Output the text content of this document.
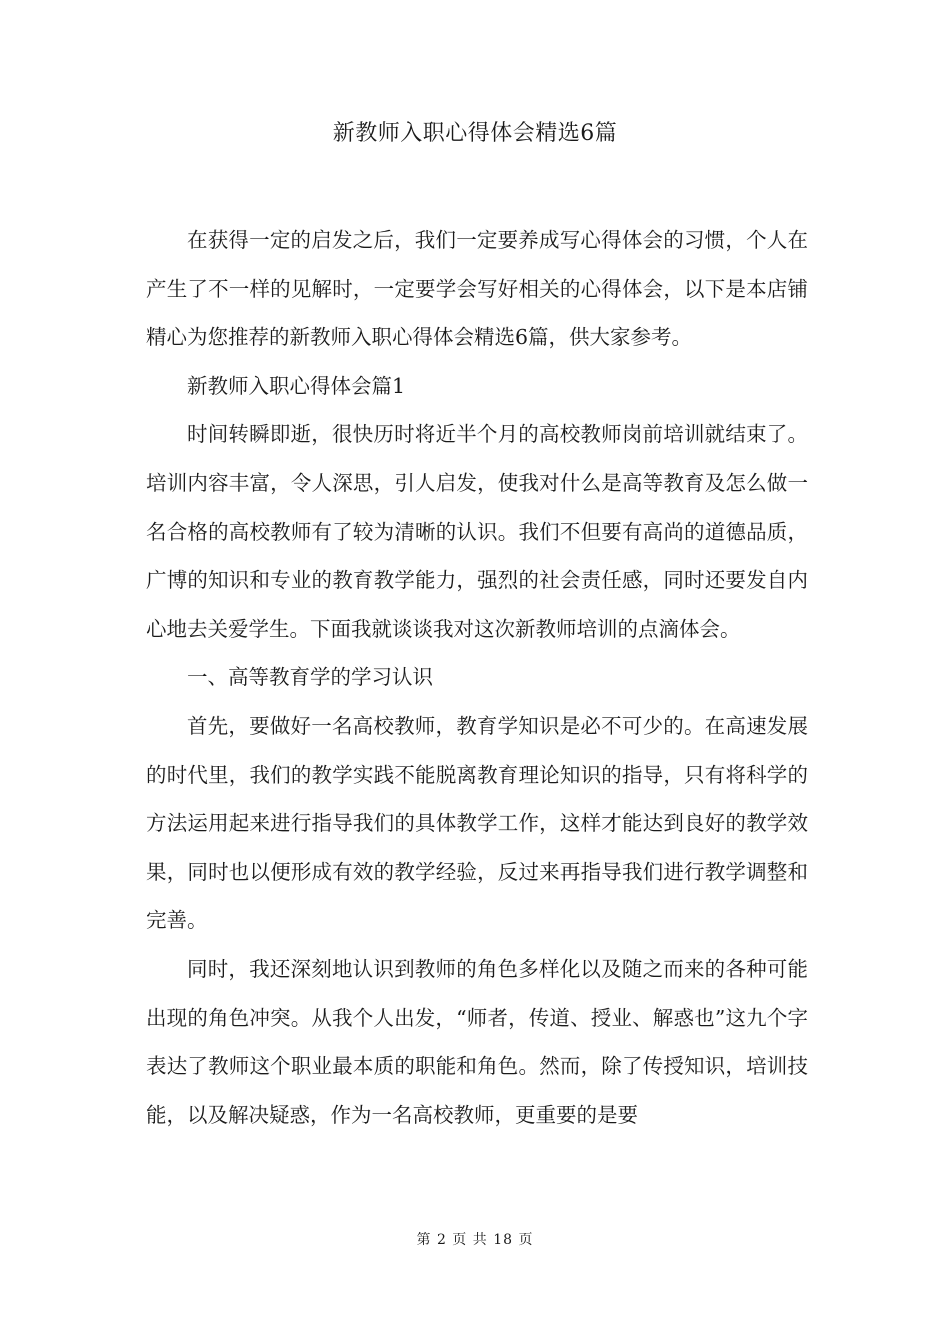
新教师入职心得体会精选6篇

在获得一定的启发之后，我们一定要养成写心得体会的习惯，个人在产生了不一样的见解时，一定要学会写好相关的心得体会，以下是本店铺精心为您推荐的新教师入职心得体会精选6篇，供大家参考。

新教师入职心得体会篇1

时间转瞬即逝，很快历时将近半个月的高校教师岗前培训就结束了。培训内容丰富，令人深思，引人启发，使我对什么是高等教育及怎么做一名合格的高校教师有了较为清晰的认识。我们不但要有高尚的道德品质，广博的知识和专业的教育教学能力，强烈的社会责任感，同时还要发自内心地去关爱学生。下面我就谈谈我对这次新教师培训的点滴体会。

一、高等教育学的学习认识

首先，要做好一名高校教师，教育学知识是必不可少的。在高速发展的时代里，我们的教学实践不能脱离教育理论知识的指导，只有将科学的方法运用起来进行指导我们的具体教学工作，这样才能达到良好的教学效果，同时也以便形成有效的教学经验，反过来再指导我们进行教学调整和完善。

同时，我还深刻地认识到教师的角色多样化以及随之而来的各种可能出现的角色冲突。从我个人出发，“师者，传道、授业、解惑也”这九个字表达了教师这个职业最本质的职能和角色。然而，除了传授知识，培训技能，以及解决疑惑，作为一名高校教师，更重要的是要

第 2 页 共 18 页
